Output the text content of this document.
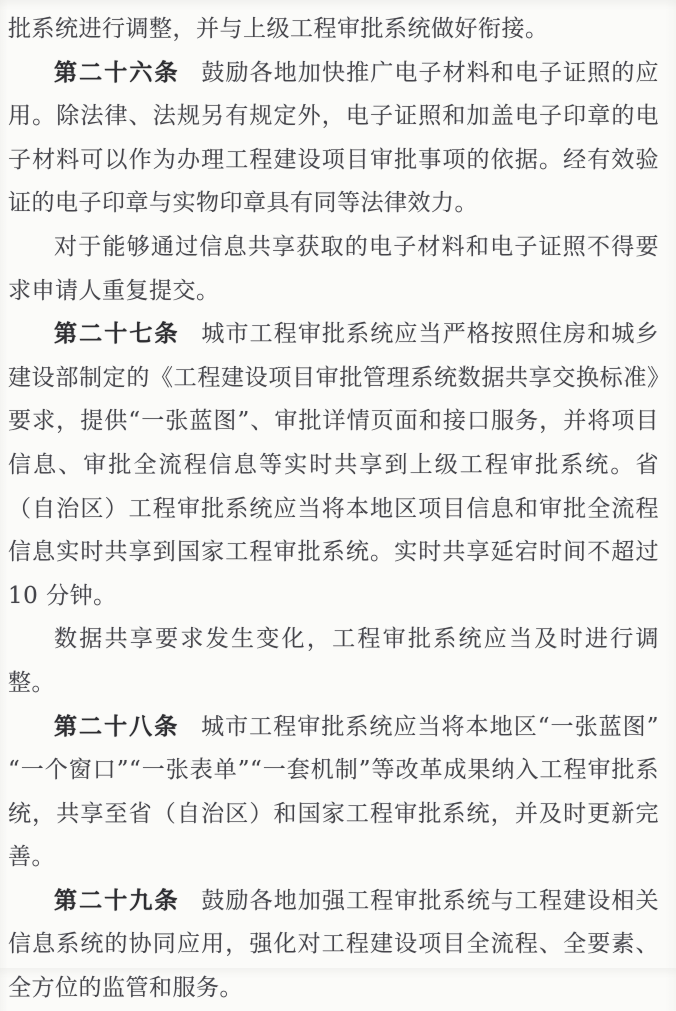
批系统进行调整，并与上级工程审批系统做好衔接。

第二十六条 鼓励各地加快推广电子材料和电子证照的应用。除法律、法规另有规定外，电子证照和加盖电子印章的电子材料可以作为办理工程建设项目审批事项的依据。经有效验证的电子印章与实物印章具有同等法律效力。

对于能够通过信息共享获取的电子材料和电子证照不得要求申请人重复提交。

第二十七条 城市工程审批系统应当严格按照住房和城乡建设部制定的《工程建设项目审批管理系统数据共享交换标准》要求，提供“一张蓝图”、审批详情页面和接口服务，并将项目信息、审批全流程信息等实时共享到上级工程审批系统。省（自治区）工程审批系统应当将本地区项目信息和审批全流程信息实时共享到国家工程审批系统。实时共享延宕时间不超过 10 分钟。

数据共享要求发生变化，工程审批系统应当及时进行调整。

第二十八条 城市工程审批系统应当将本地区“一张蓝图”“一个窗口”“一张表单”“一套机制”等改革成果纳入工程审批系统，共享至省（自治区）和国家工程审批系统，并及时更新完善。

第二十九条 鼓励各地加强工程审批系统与工程建设相关信息系统的协同应用，强化对工程建设项目全流程、全要素、全方位的监管和服务。
